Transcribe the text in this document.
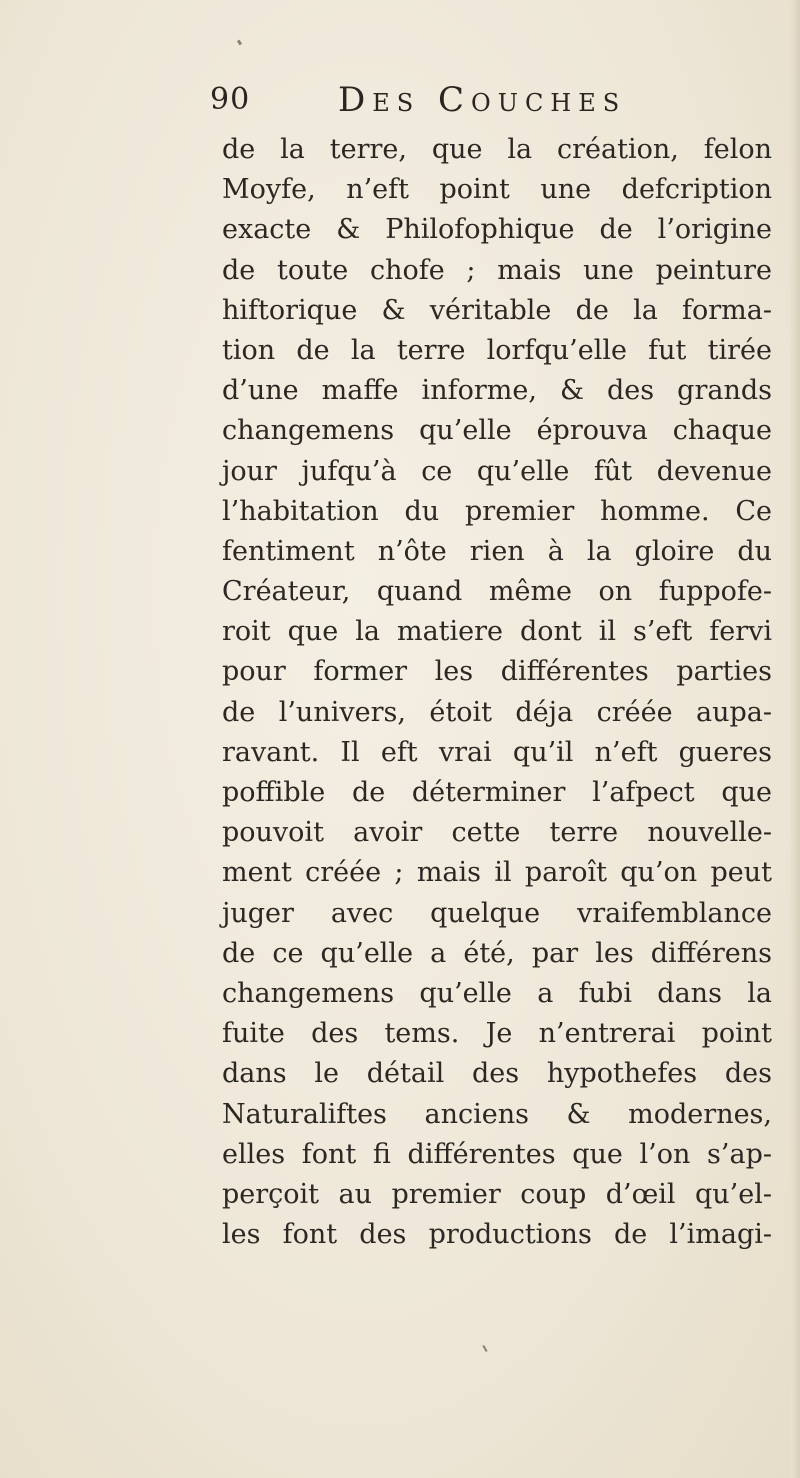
90	Des Couches
de la terre, que la création, felon
Moyfe, n’eft point une defcription
exacte & Philofophique de l’origine
de toute chofe ; mais une peinture
hiftorique & véritable de la forma-
tion de la terre lorfqu’elle fut tirée
d’une maffe informe, & des grands
changemens qu’elle éprouva chaque
jour jufqu’à ce qu’elle fût devenue
l’habitation du premier homme. Ce
fentiment n’ôte rien à la gloire du
Créateur, quand même on fuppofe-
roit que la matiere dont il s’eft fervi
pour former les différentes parties
de l’univers, étoit déja créée aupa-
ravant. Il eft vrai qu’il n’eft gueres
poffible de déterminer l’afpect que
pouvoit avoir cette terre nouvelle-
ment créée ; mais il paroît qu’on peut
juger avec quelque vraifemblance
de ce qu’elle a été, par les différens
changemens qu’elle a fubi dans la
fuite des tems. Je n’entrerai point
dans le détail des hypothefes des
Naturaliftes anciens & modernes,
elles font fi différentes que l’on s’ap-
perçoit au premier coup d’œil qu’el-
les font des productions de l’imagi-
